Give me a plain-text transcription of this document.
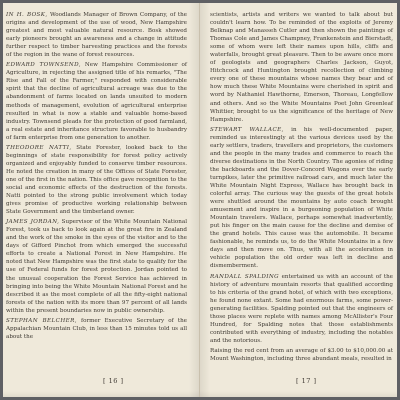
IN H. BOSK, Woodlands Manager of Brown Company, of the origins and development of the use of wood, New Hampshire greatest and most valuable natural resource. Bosk showed early pioneers brought an awareness and a change in attitude further respect to timber harvesting practices and the forests of the region in the wane of forest resources.

EDWARD TOWNSEND, New Hampshire Commissioner of Agriculture, in rejecting the assigned title of his remarks, "The Rise and Fall of the Farmer," responded with considerable spirit that the decline of agricultural acreage was due to the abandonment of farms located on lands unsuited to modern methods of management, evolution of agricultural enterprise resulted in what is now a stable and valuable home-based industry. Townsend pleads for the protection of good farmland, a real estate and inheritance structure favorable to husbandry of farm enterprise from one generation to another.

THEODORE NATTI, State Forester, looked back to the beginnings of state responsibility for forest policy actively organized and enjoyably funded to conserve timber resources. He noted the creation in many of the Offices of State Forester, one of the first in the nation. This office gave recognition to the social and economic effects of the destruction of the forests. Natti pointed to the strong public involvement which today gives promise of productive working relationship between State Government and the timberland owner.

JAMES JORDAN, Supervisor of the White Mountain National Forest, took us back to look again at the great fire in Zealand and the work of the smoke in the eyes of the visitor and to the days of Gifford Pinchot from which emerged the successful efforts to create a National Forest in New Hampshire. He noted that New Hampshire was the first state to qualify for the use of Federal funds for forest protection. Jordan pointed to the unusual cooperation the Forest Service has achieved in bringing into being the White Mountain National Forest and he described it as the most complete of all the fifty-eight national forests of the nation with its more than 97 percent of all lands within the present boundaries now in public ownership.

STEPHAN BELCHER, former Executive Secretary of the Appalachian Mountain Club, in less than 15 minutes told us all about the

[ 16 ]

scientists, artists and writers we wanted to talk about but couldn't learn how. To be reminded of the exploits of Jeremy Belknap and Manasseh Cutler and then shown the paintings of Thomas Cole and James Champney, Frankenstein and Bierstadt, some of whom were left their names upon hills, cliffs and waterfalls, brought great pleasure. Then to be aware once more of geologists and geographers Charles Jackson, Guyot, Hitchcock and Huntington brought recollection of climbing every one of these mountains whose names they bear and of how much these White Mountains were cherished in spirit and word by Nathaniel Hawthorne, Emerson, Thoreau, Longfellow and others. And so the White Mountains Poet John Greenleaf Whittier, brought to us the significance of the heritage of New Hampshire.

STEWART WALLACE, in his well-documented paper, reminded us interestingly at the various devices used by the early settlers, traders, travellers and proprietors, the customers and the people in the many trades and commerce to reach the diverse destinations in the North Country. The agonies of riding the backboards and the Dover-Concord Wagons over the early turnpikes, later the primitive railroad cars, and much later the White Mountain Night Express, Wallace has brought back in colorful array. The curious way the guests of the great hotels were shuttled around the mountains by auto coach brought amusement and inspire in a burgeoning population of White Mountain travelers. Wallace, perhaps somewhat inadvertently, put his finger on the main cause for the decline and demise of the grand hotels. This cause was the automobile. It became fashionable, he reminds us, to do the White Mountains in a few days and then move on. Thus, with all the acceleration in vehicle population the old order was left in decline and dismemberment.

RANDALL SPALDING entertained us with an account of the history of adventure mountain resorts that qualified according to his criteria of the grand hotel, of which with two exceptions, he found none extant. Some had enormous farms, some power-generating facilities. Spalding pointed out that the engineers of those places were replete with names among McAllister's Four Hundred, for Spalding notes that those establishments contributed with everything of industry, including the notables and the notorious.

Raising the red cent from an average of $3.00 to $10,000.00 at Mount Washington, including three abundant meals, resulted in

[ 17 ]
